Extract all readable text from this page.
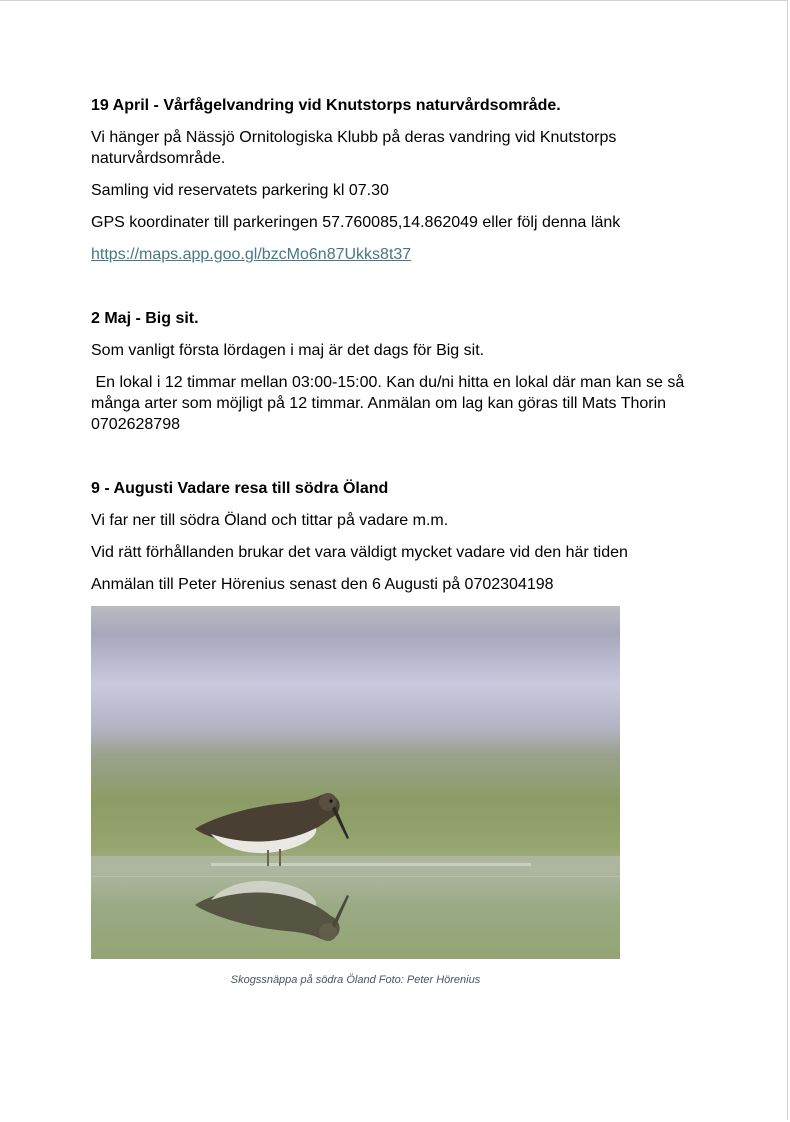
19 April - Vårfågelvandring vid Knutstorps naturvårdsområde.

Vi hänger på Nässjö Ornitologiska Klubb på deras vandring vid Knutstorps naturvårdsområde.

Samling vid reservatets parkering kl 07.30

GPS koordinater till parkeringen 57.760085,14.862049 eller följ denna länk

https://maps.app.goo.gl/bzcMo6n87Ukks8t37

2 Maj - Big sit.

Som vanligt första lördagen i maj är det dags för Big sit.

En lokal i 12 timmar mellan 03:00-15:00. Kan du/ni hitta en lokal där man kan se så många arter som möjligt på 12 timmar. Anmälan om lag kan göras till Mats Thorin 0702628798

9 - Augusti Vadare resa till södra Öland

Vi far ner till södra Öland och tittar på vadare m.m.

Vid rätt förhållanden brukar det vara väldigt mycket vadare vid den här tiden

Anmälan till Peter Hörenius senast den 6 Augusti på 0702304198

Skogssnäppa på södra Öland Foto: Peter Hörenius
